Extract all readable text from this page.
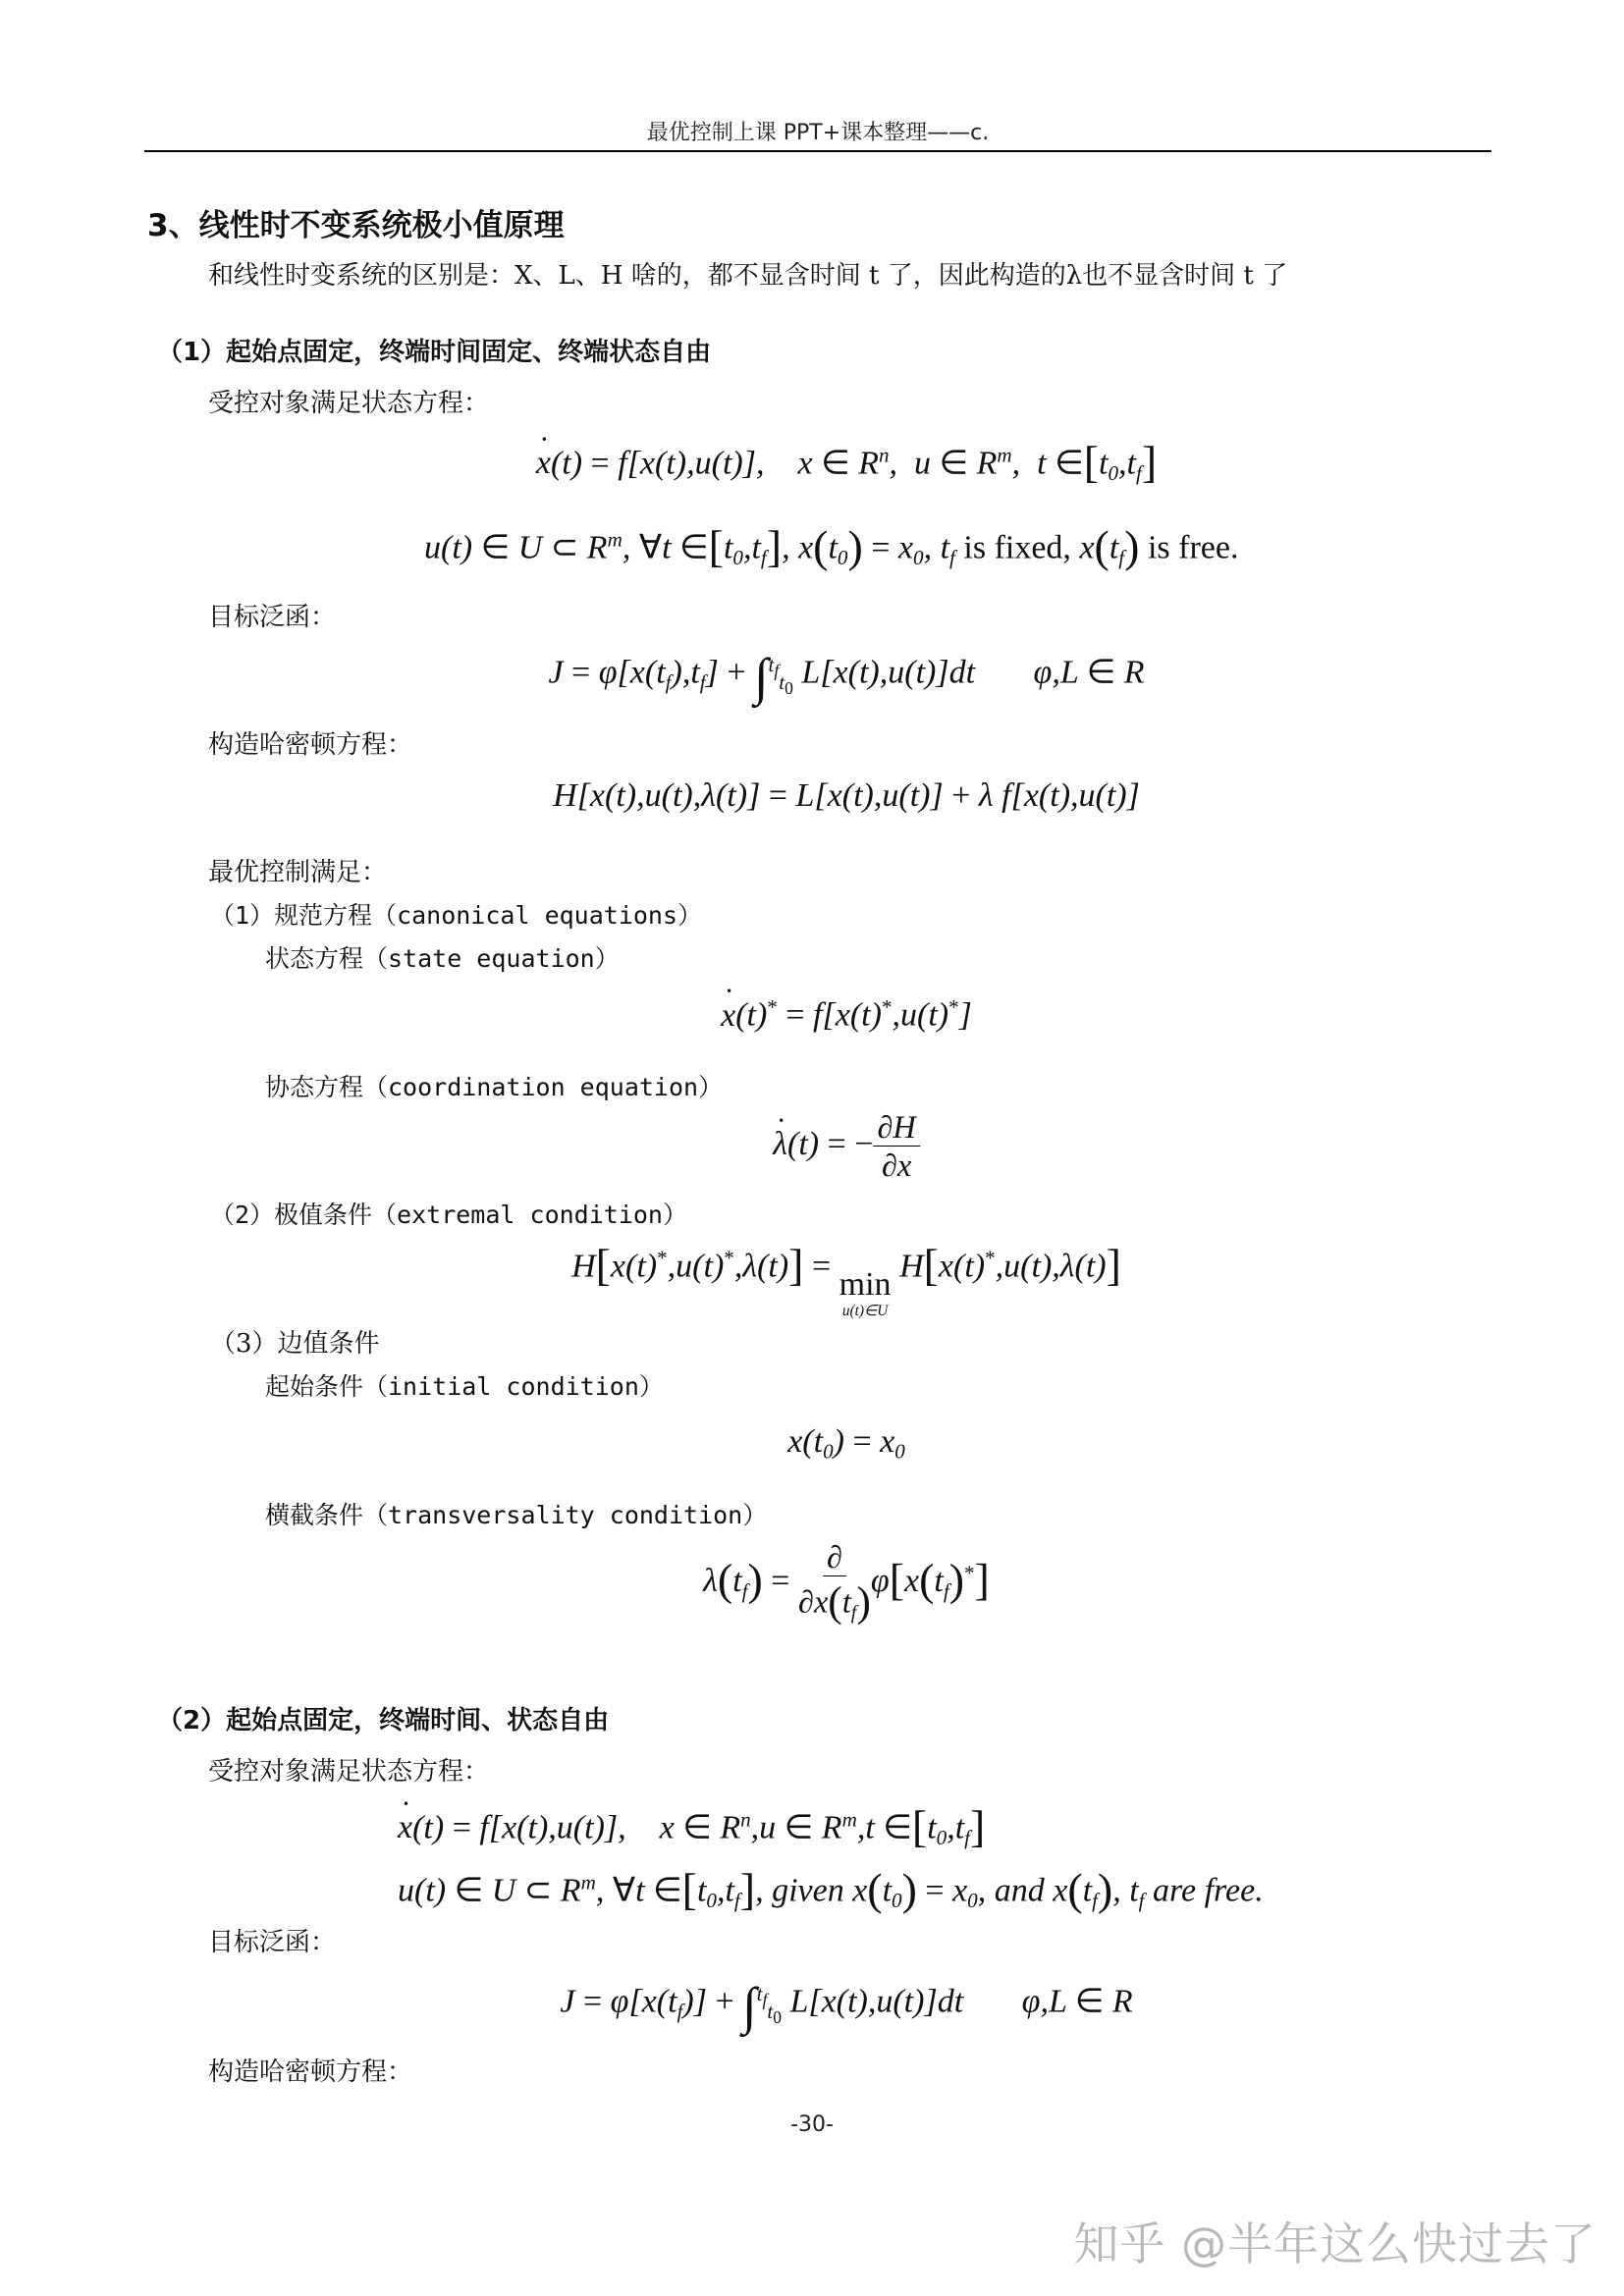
最优控制上课 PPT+课本整理——c.
3、线性时不变系统极小值原理
和线性时变系统的区别是：X、L、H 啥的，都不显含时间 t 了，因此构造的λ也不显含时间 t 了
（1）起始点固定，终端时间固定、终端状态自由
受控对象满足状态方程：
˙ x(t) = f[x(t),u(t)],    x ∈ $R^n$,  u ∈ $R^m$,  t $\in[t_0,t_f]$
u(t) ∈ U ⊂ $R^m$, ∀t $\in[t_0,t_f]$, $x(t_0) = x_0$, $t_f$ is fixed, $x(t_f)$ is free.
目标泛函：
$J = \varphi[x(t_f),t_f] + \int^{t_f}_{t_0}$ L[x(t),u(t)]dt φ,L ∈ R
构造哈密顿方程：
H[x(t),u(t),λ(t)] = L[x(t),u(t)] + λ f[x(t),u(t)]
最优控制满足：
（1）规范方程（canonical equations）
状态方程（state equation）
˙ x(t)* = f[x(t)*,u(t)*]
协态方程（coordination equation）
˙ λ(t) = − $\frac{\partial H}{\partial x}$
（2）极值条件（extremal condition）
H[x(t)*,u(t)*,λ(t)] =
min
u(t)∈U
H[x(t)*,u(t),λ(t)]
（3）边值条件
起始条件（initial condition）
$x(t_0) = x_0$
横截条件（transversality condition）
$\lambda(t_f) = \frac{\partial}{\partial x(t_f)} \varphi[x(t_f)^*]$
（2）起始点固定，终端时间、状态自由
受控对象满足状态方程：
˙ x(t) = f[x(t),u(t)],    x ∈ $R^n,u$ ∈ $R^m,t$ $\in[t_0,t_f]$
u(t) ∈ U ⊂ $R^m$, ∀t $\in[t_0,t_f]$, given $x(t_0) = x_0$, and $x(t_f)$, $t_f$ are free.
目标泛函：
$J = \varphi[x(t_f)] + \int^{t_f}_{t_0}$ L[x(t),u(t)]dt φ,L ∈ R
构造哈密顿方程：
-30-
知乎 @半年这么快过去了
